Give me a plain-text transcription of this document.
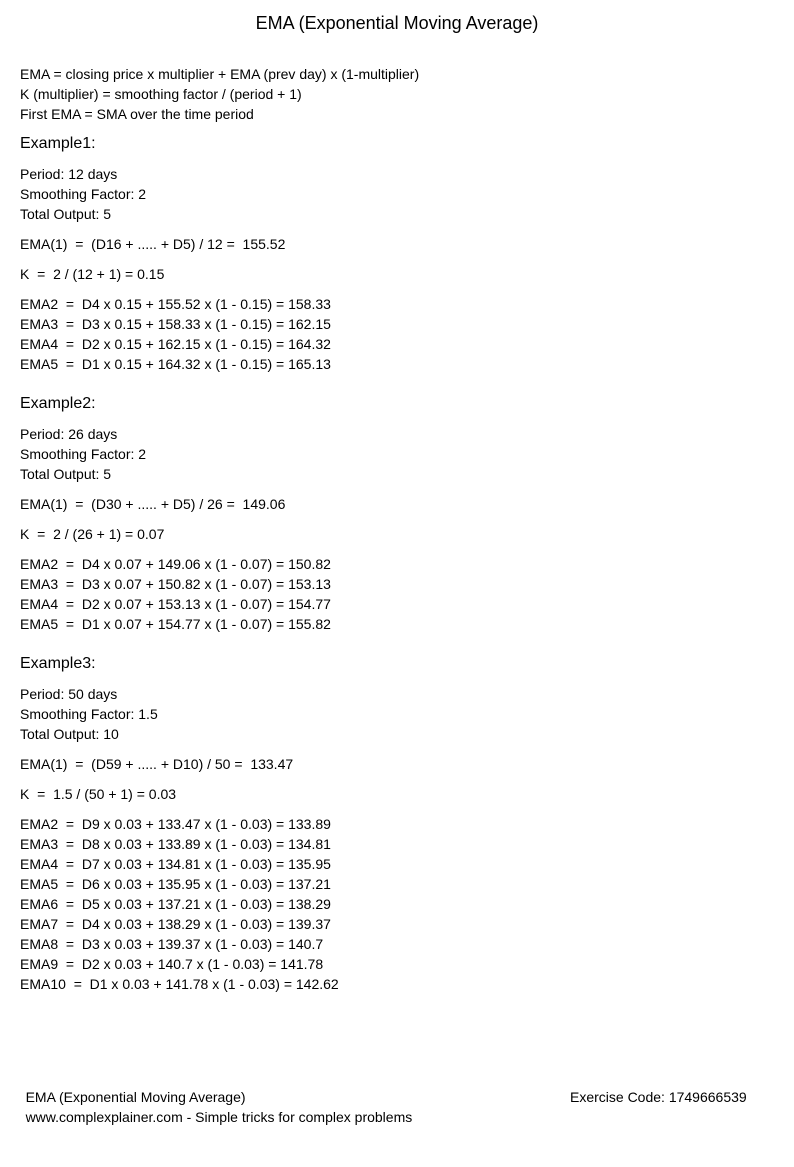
EMA (Exponential Moving Average)
EMA = closing price x multiplier + EMA (prev day) x (1-multiplier)
K (multiplier) = smoothing factor / (period + 1)
First EMA = SMA over the time period
Example1:
Period: 12 days
Smoothing Factor: 2
Total Output: 5
EMA(1)  =  (D16 + ..... + D5) / 12 =  155.52
K  =  2 / (12 + 1) = 0.15
EMA2  =  D4 x 0.15 + 155.52 x (1 - 0.15) = 158.33
EMA3  =  D3 x 0.15 + 158.33 x (1 - 0.15) = 162.15
EMA4  =  D2 x 0.15 + 162.15 x (1 - 0.15) = 164.32
EMA5  =  D1 x 0.15 + 164.32 x (1 - 0.15) = 165.13
Example2:
Period: 26 days
Smoothing Factor: 2
Total Output: 5
EMA(1)  =  (D30 + ..... + D5) / 26 =  149.06
K  =  2 / (26 + 1) = 0.07
EMA2  =  D4 x 0.07 + 149.06 x (1 - 0.07) = 150.82
EMA3  =  D3 x 0.07 + 150.82 x (1 - 0.07) = 153.13
EMA4  =  D2 x 0.07 + 153.13 x (1 - 0.07) = 154.77
EMA5  =  D1 x 0.07 + 154.77 x (1 - 0.07) = 155.82
Example3:
Period: 50 days
Smoothing Factor: 1.5
Total Output: 10
EMA(1)  =  (D59 + ..... + D10) / 50 =  133.47
K  =  1.5 / (50 + 1) = 0.03
EMA2  =  D9 x 0.03 + 133.47 x (1 - 0.03) = 133.89
EMA3  =  D8 x 0.03 + 133.89 x (1 - 0.03) = 134.81
EMA4  =  D7 x 0.03 + 134.81 x (1 - 0.03) = 135.95
EMA5  =  D6 x 0.03 + 135.95 x (1 - 0.03) = 137.21
EMA6  =  D5 x 0.03 + 137.21 x (1 - 0.03) = 138.29
EMA7  =  D4 x 0.03 + 138.29 x (1 - 0.03) = 139.37
EMA8  =  D3 x 0.03 + 139.37 x (1 - 0.03) = 140.7
EMA9  =  D2 x 0.03 + 140.7 x (1 - 0.03) = 141.78
EMA10  =  D1 x 0.03 + 141.78 x (1 - 0.03) = 142.62

EMA (Exponential Moving Average)

www.complexplainer.com - Simple tricks for complex problems

Exercise Code: 1749666539
